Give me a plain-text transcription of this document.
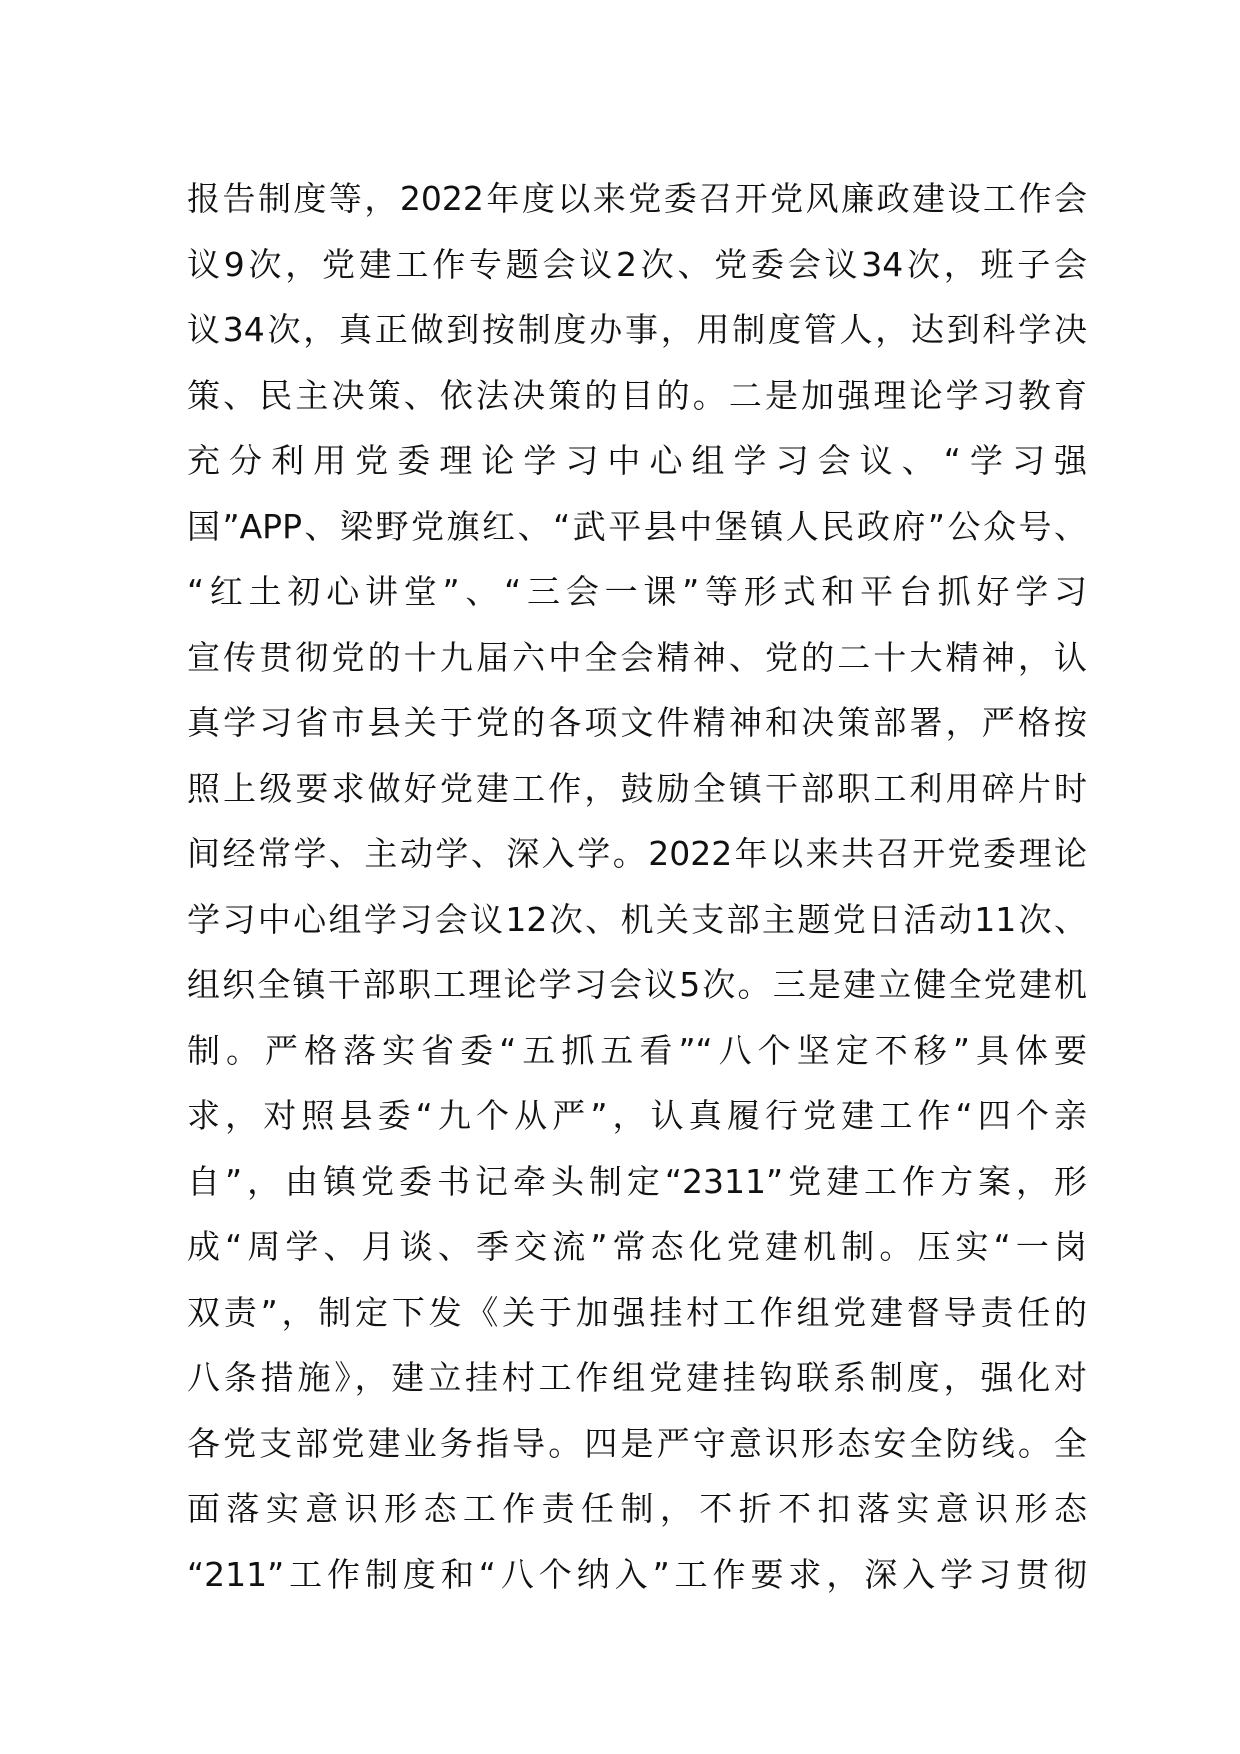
报告制度等，2022年度以来党委召开党风廉政建设工作会
议9次，党建工作专题会议2次、党委会议34次，班子会
议34次，真正做到按制度办事，用制度管人，达到科学决
策、民主决策、依法决策的目的。二是加强理论学习教育
充分利用党委理论学习中心组学习会议、“学习强
国”APP、梁野党旗红、“武平县中堡镇人民政府”公众号、
“红土初心讲堂”、“三会一课”等形式和平台抓好学习
宣传贯彻党的十九届六中全会精神、党的二十大精神，认
真学习省市县关于党的各项文件精神和决策部署，严格按
照上级要求做好党建工作，鼓励全镇干部职工利用碎片时
间经常学、主动学、深入学。2022年以来共召开党委理论
学习中心组学习会议12次、机关支部主题党日活动11次、
组织全镇干部职工理论学习会议5次。三是建立健全党建机
制。严格落实省委“五抓五看”“八个坚定不移”具体要
求，对照县委“九个从严”，认真履行党建工作“四个亲
自”，由镇党委书记牵头制定“2311”党建工作方案，形
成“周学、月谈、季交流”常态化党建机制。压实“一岗
双责”，制定下发《关于加强挂村工作组党建督导责任的
八条措施》，建立挂村工作组党建挂钩联系制度，强化对
各党支部党建业务指导。四是严守意识形态安全防线。全
面落实意识形态工作责任制，不折不扣落实意识形态
“211”工作制度和“八个纳入”工作要求，深入学习贯彻
